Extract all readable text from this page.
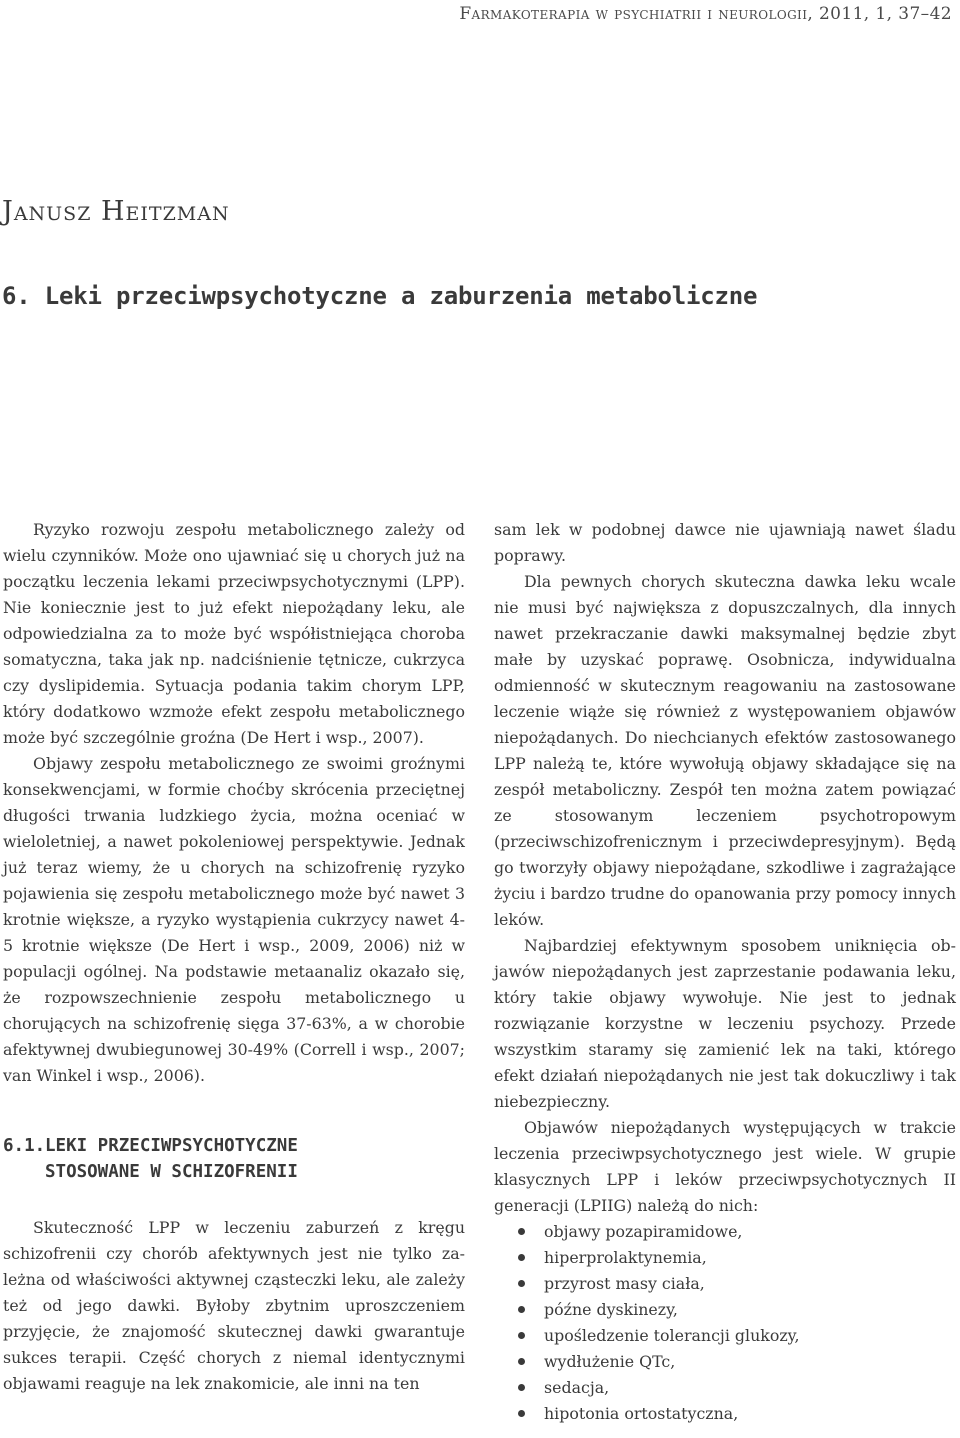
Farmakoterapia w psychiatrii i neurologii, 2011, 1, 37–42
Janusz Heitzman
6. Leki przeciwpsychotyczne a zaburzenia metaboliczne

Ryzyko rozwoju zespołu metabolicznego zależy od wielu czynników. Może ono ujawniać się u chorych już na początku leczenia lekami przeciwpsychotycznymi (LPP). Nie koniecznie jest to już efekt niepożądany leku, ale odpowiedzialna za to może być współistniejąca choroba somatyczna, taka jak np. nadciśnienie tętnicze, cukrzyca czy dyslipidemia. Sytuacja podania takim chorym LPP, który dodatkowo wzmoże efekt zespołu metabolicznego może być szczególnie groźna (De Hert i wsp., 2007).

Objawy zespołu metabolicznego ze swoimi groźnymi konsekwencjami, w formie choćby skrócenia przeciętnej długości trwania ludzkiego życia, można oceniać w wieloletniej, a nawet pokoleniowej perspektywie. Jednak już teraz wiemy, że u chorych na schizofrenię ryzyko pojawienia się zespołu metabolicznego może być nawet 3 krotnie większe, a ryzyko wystąpienia cukrzycy nawet 4-5 krotnie większe (De Hert i wsp., 2009, 2006) niż w populacji ogólnej. Na podstawie metaanaliz okazało się, że rozpowszechnienie zespołu metabolicznego u chorujących na schizofrenię sięga 37-63%, a w chorobie afektywnej dwubiegunowej 30-49% (Correll i wsp., 2007; van Winkel i wsp., 2006).

6.1.LEKI PRZECIWPSYCHOTYCZNE
STOSOWANE W SCHIZOFRENII

Skuteczność LPP w leczeniu zaburzeń z kręgu schizofrenii czy chorób afektywnych jest nie tylko zależna od właściwości aktywnej cząsteczki leku, ale zależy też od jego dawki. Byłoby zbytnim uproszczeniem przyjęcie, że znajomość skutecznej dawki gwarantuje sukces terapii. Część chorych z niemal identycznymi objawami reaguje na lek znakomicie, ale inni na ten

sam lek w podobnej dawce nie ujawniają nawet śladu poprawy.

Dla pewnych chorych skuteczna dawka leku wcale nie musi być największa z dopuszczalnych, dla innych nawet przekraczanie dawki maksymalnej będzie zbyt małe by uzyskać poprawę. Osobnicza, indywidualna odmienność w skutecznym reagowaniu na zastosowane leczenie wiąże się również z występowaniem objawów niepożądanych. Do niechcianych efektów zastosowanego LPP należą te, które wywołują objawy składające się na zespół metaboliczny. Zespół ten można zatem powiązać ze stosowanym leczeniem psychotropowym (przeciwschizofrenicznym i przeciwdepresyjnym). Będą go tworzyły objawy niepożądane, szkodliwe i zagrażające życiu i bardzo trudne do opanowania przy pomocy innych leków.

Najbardziej efektywnym sposobem uniknięcia objawów niepożądanych jest zaprzestanie podawania leku, który takie objawy wywołuje. Nie jest to jednak rozwiązanie korzystne w leczeniu psychozy. Przede wszystkim staramy się zamienić lek na taki, którego efekt działań niepożądanych nie jest tak dokuczliwy i tak niebezpieczny.

Objawów niepożądanych występujących w trakcie leczenia przeciwpsychotycznego jest wiele. W grupie klasycznych LPP i leków przeciwpsychotycznych II generacji (LPIIG) należą do nich:

objawy pozapiramidowe,
hiperprolaktynemia,
przyrost masy ciała,
późne dyskinezy,
upośledzenie tolerancji glukozy,
wydłużenie QTc,
sedacja,
hipotonia ortostatyczna,
